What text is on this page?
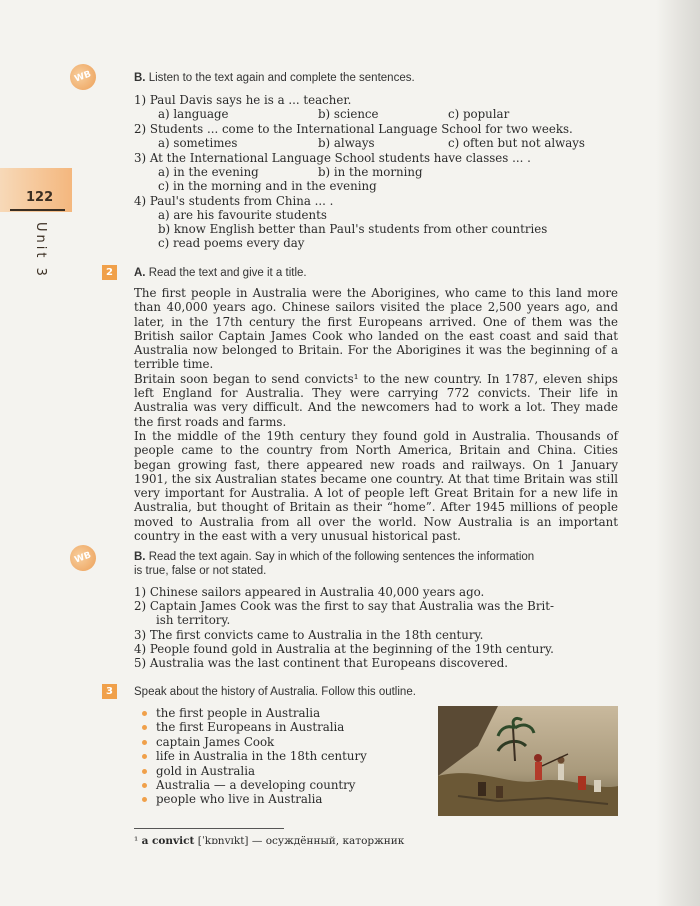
122
Unit 3
WB	B. Listen to the text again and complete the sentences.
1) Paul Davis says he is a ... teacher.
a) language	b) science	c) popular
2) Students ... come to the International Language School for two weeks.
a) sometimes	b) always	c) often but not always
3) At the International Language School students have classes ... .
a) in the evening	b) in the morning
c) in the morning and in the evening
4) Paul's students from China ... .
a) are his favourite students
b) know English better than Paul's students from other countries
c) read poems every day
2	A. Read the text and give it a title.

The first people in Australia were the Aborigines, who came to this land more than 40,000 years ago. Chinese sailors visited the place 2,500 years ago, and later, in the 17th century the first Europeans arrived. One of them was the British sailor Captain James Cook who landed on the east coast and said that Australia now belonged to Britain. For the Aborigines it was the beginning of a terrible time.

Britain soon began to send convicts¹ to the new country. In 1787, eleven ships left England for Australia. They were carrying 772 convicts. Their life in Australia was very difficult. And the newcomers had to work a lot. They made the first roads and farms.

In the middle of the 19th century they found gold in Australia. Thousands of people came to the country from North America, Britain and China. Cities began growing fast, there appeared new roads and railways. On 1 January 1901, the six Australian states became one country. At that time Britain was still very important for Australia. A lot of people left Great Britain for a new life in Australia, but thought of Britain as their “home”. After 1945 millions of people moved to Australia from all over the world. Now Australia is an important country in the east with a very unusual historical past.

WB	B. Read the text again. Say in which of the following sentences the information
is true, false or not stated.
1) Chinese sailors appeared in Australia 40,000 years ago.
2) Captain James Cook was the first to say that Australia was the Brit-
ish territory.
3) The first convicts came to Australia in the 18th century.
4) People found gold in Australia at the beginning of the 19th century.
5) Australia was the last continent that Europeans discovered.
3	Speak about the history of Australia. Follow this outline.
the first people in Australia
the first Europeans in Australia
captain James Cook
life in Australia in the 18th century
gold in Australia
Australia — a developing country
people who live in Australia
¹ a convict [ˈkɒnvɪkt] — осуждённый, каторжник
